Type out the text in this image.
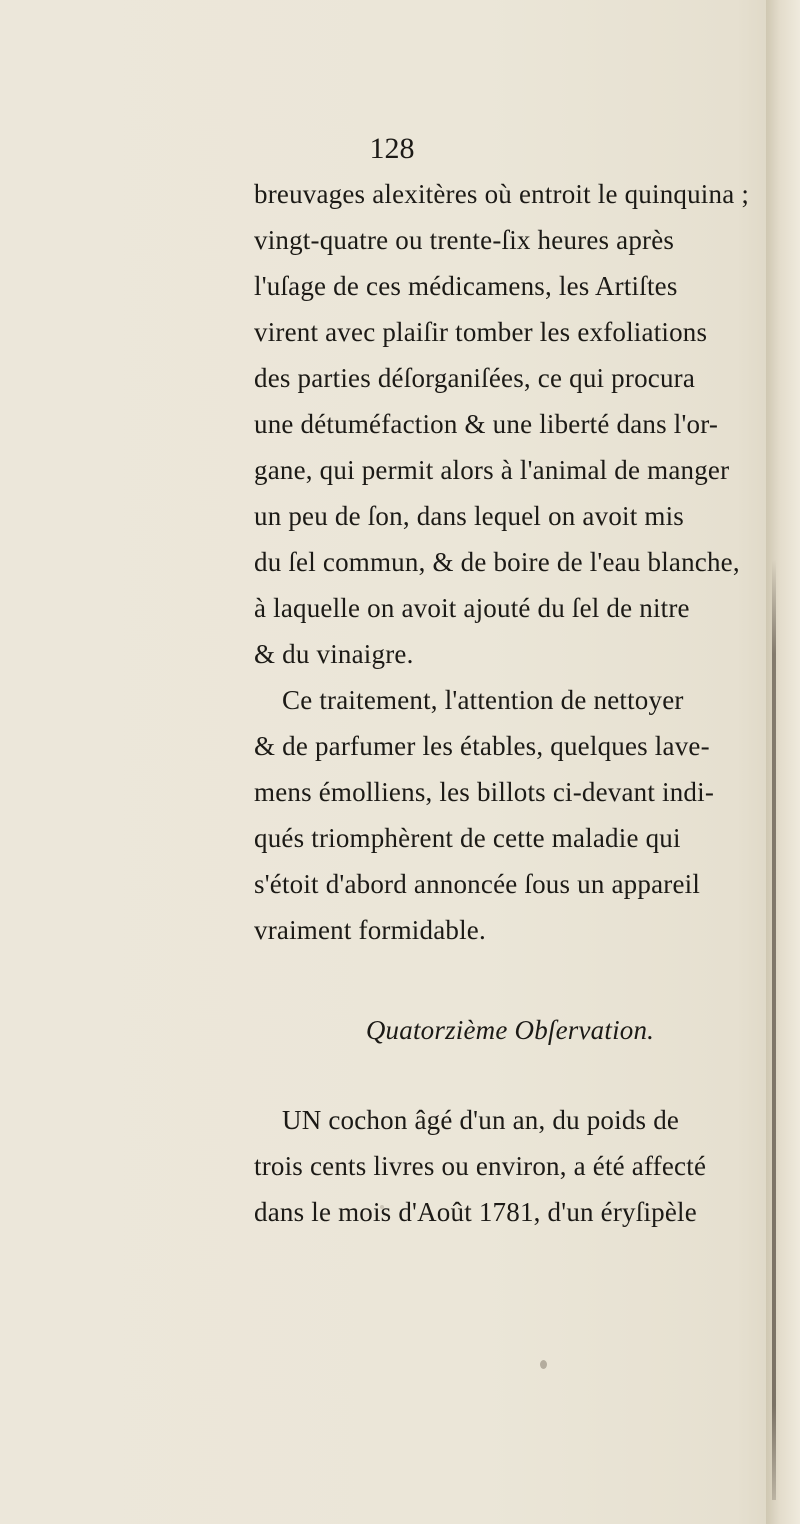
128
breuvages alexitères où entroit le quinquina ;
vingt-quatre ou trente-ſix heures après
l'uſage de ces médicamens, les Artiſtes
virent avec plaiſir tomber les exfoliations
des parties déſorganiſées, ce qui procura
une détuméfaction & une liberté dans l'or-
gane, qui permit alors à l'animal de manger
un peu de ſon, dans lequel on avoit mis
du ſel commun, & de boire de l'eau blanche,
à laquelle on avoit ajouté du ſel de nitre
& du vinaigre.
Ce traitement, l'attention de nettoyer
& de parfumer les étables, quelques lave-
mens émolliens, les billots ci-devant indi-
qués triomphèrent de cette maladie qui
s'étoit d'abord annoncée ſous un appareil
vraiment formidable.
Quatorzième Obſervation.
UN cochon âgé d'un an, du poids de
trois cents livres ou environ, a été affecté
dans le mois d'Août 1781, d'un éryſipèle
